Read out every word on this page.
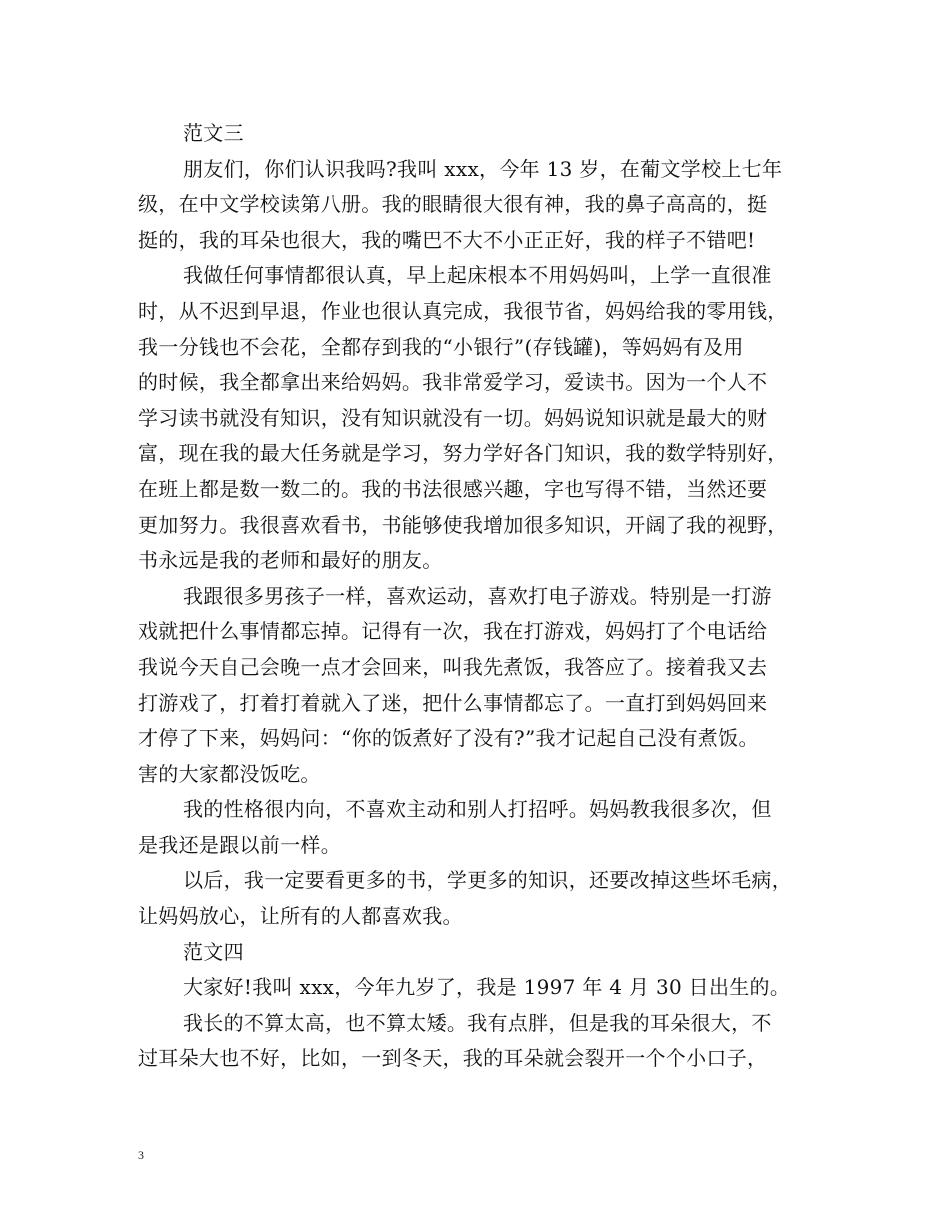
范文三
朋友们，你们认识我吗?我叫 xxx，今年 13 岁，在葡文学校上七年
级，在中文学校读第八册。我的眼睛很大很有神，我的鼻子高高的，挺
挺的，我的耳朵也很大，我的嘴巴不大不小正正好，我的样子不错吧!
我做任何事情都很认真，早上起床根本不用妈妈叫，上学一直很准
时，从不迟到早退，作业也很认真完成，我很节省，妈妈给我的零用钱，
我一分钱也不会花，全都存到我的“小银行”(存钱罐)，等妈妈有及用
的时候，我全都拿出来给妈妈。我非常爱学习，爱读书。因为一个人不
学习读书就没有知识，没有知识就没有一切。妈妈说知识就是最大的财
富，现在我的最大任务就是学习，努力学好各门知识，我的数学特别好，
在班上都是数一数二的。我的书法很感兴趣，字也写得不错，当然还要
更加努力。我很喜欢看书，书能够使我增加很多知识，开阔了我的视野，
书永远是我的老师和最好的朋友。
我跟很多男孩子一样，喜欢运动，喜欢打电子游戏。特别是一打游
戏就把什么事情都忘掉。记得有一次，我在打游戏，妈妈打了个电话给
我说今天自己会晚一点才会回来，叫我先煮饭，我答应了。接着我又去
打游戏了，打着打着就入了迷，把什么事情都忘了。一直打到妈妈回来
才停了下来，妈妈问：“你的饭煮好了没有?”我才记起自己没有煮饭。
害的大家都没饭吃。
我的性格很内向，不喜欢主动和别人打招呼。妈妈教我很多次，但
是我还是跟以前一样。
以后，我一定要看更多的书，学更多的知识，还要改掉这些坏毛病，
让妈妈放心，让所有的人都喜欢我。
范文四
大家好!我叫 xxx，今年九岁了，我是 1997 年 4 月 30 日出生的。
我长的不算太高，也不算太矮。我有点胖，但是我的耳朵很大，不
过耳朵大也不好，比如，一到冬天，我的耳朵就会裂开一个个小口子，
3
